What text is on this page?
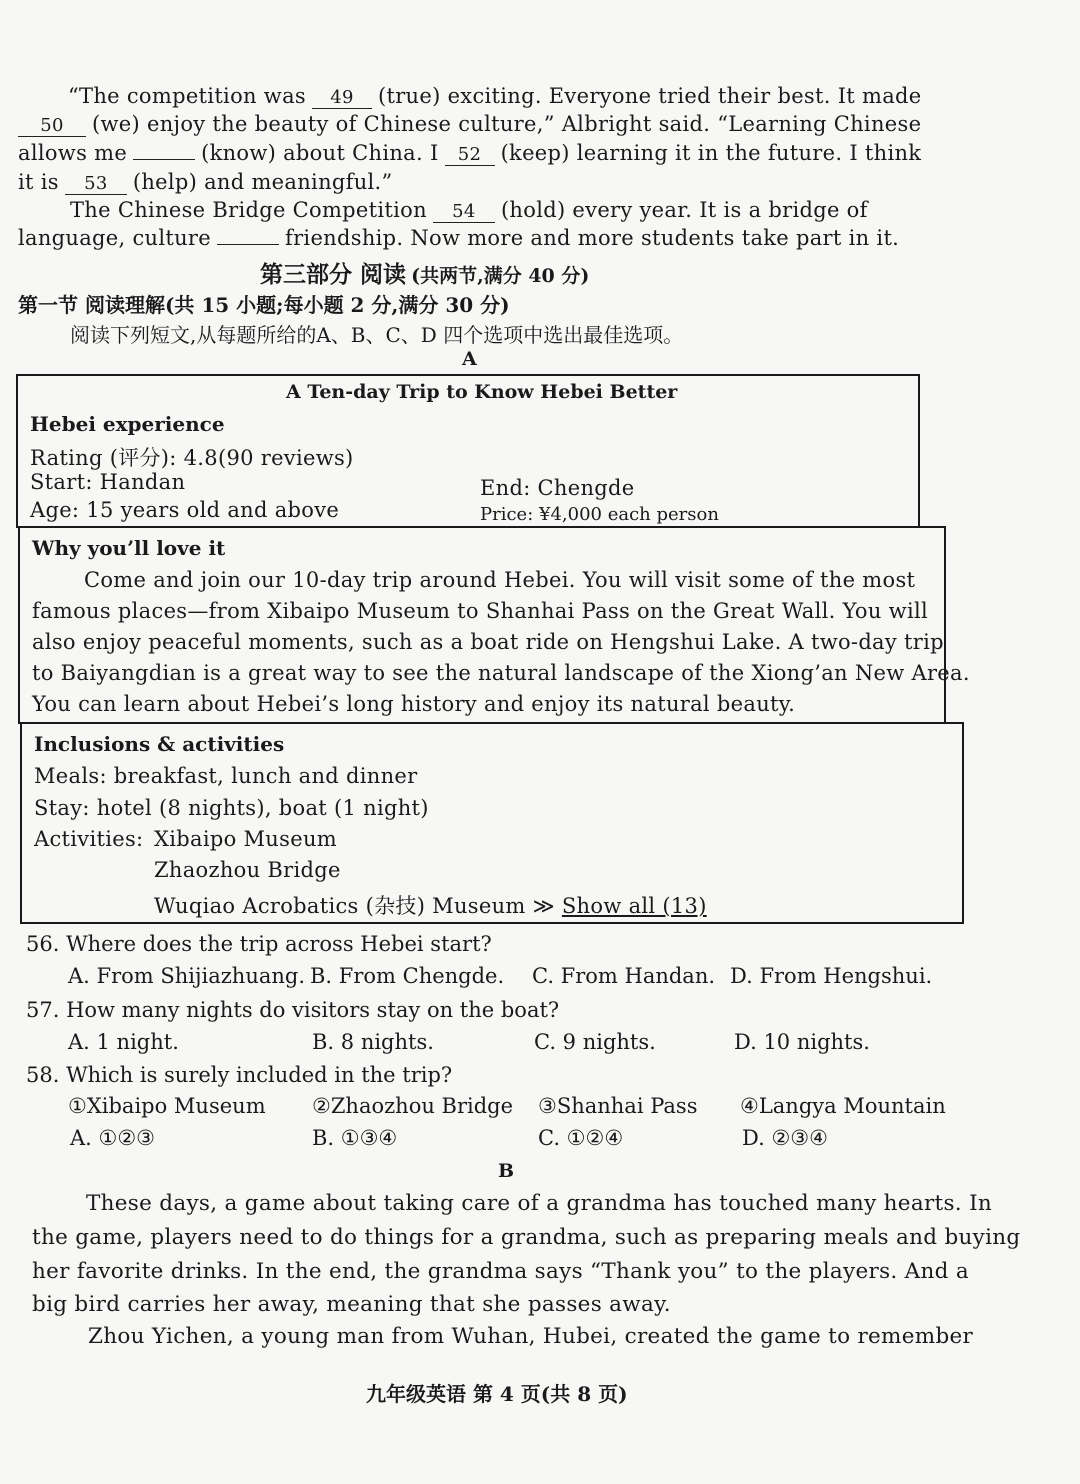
“The competition was 49 (true) exciting. Everyone tried their best. It made
50 (we) enjoy the beauty of Chinese culture,” Albright said. “Learning Chinese
allows me	(know) about China. I 52 (keep) learning it in the future. I think
it is 53 (help) and meaningful.”
The Chinese Bridge Competition 54 (hold) every year. It is a bridge of
language, culture	friendship. Now more and more students take part in it.
第三部分 阅读 (共两节,满分 40 分)
第一节 阅读理解(共 15 小题;每小题 2 分,满分 30 分)
阅读下列短文,从每题所给的A、B、C、D 四个选项中选出最佳选项。
A
A Ten-day Trip to Know Hebei Better
Hebei experience
Rating (评分): 4.8(90 reviews)
Start: Handan	End: Chengde
Age: 15 years old and above	Price: ¥4,000 each person
Why you’ll love it
Come and join our 10-day trip around Hebei. You will visit some of the most
famous places—from Xibaipo Museum to Shanhai Pass on the Great Wall. You will
also enjoy peaceful moments, such as a boat ride on Hengshui Lake. A two-day trip
to Baiyangdian is a great way to see the natural landscape of the Xiong’an New Area.
You can learn about Hebei’s long history and enjoy its natural beauty.
Inclusions & activities
Meals: breakfast, lunch and dinner
Stay: hotel (8 nights), boat (1 night)
Activities: Xibaipo Museum
Zhaozhou Bridge
Wuqiao Acrobatics (杂技) Museum ≫ Show all (13)
56. Where does the trip across Hebei start?
A. From Shijiazhuang. B. From Chengde. C. From Handan. D. From Hengshui.
57. How many nights do visitors stay on the boat?
A. 1 night.	B. 8 nights.	C. 9 nights.	D. 10 nights.
58. Which is surely included in the trip?
①Xibaipo Museum ②Zhaozhou Bridge ③Shanhai Pass ④Langya Mountain
A. ①②③	B. ①③④	C. ①②④	D. ②③④
B
These days, a game about taking care of a grandma has touched many hearts. In
the game, players need to do things for a grandma, such as preparing meals and buying
her favorite drinks. In the end, the grandma says “Thank you” to the players. And a
big bird carries her away, meaning that she passes away.
Zhou Yichen, a young man from Wuhan, Hubei, created the game to remember
九年级英语 第 4 页(共 8 页)
